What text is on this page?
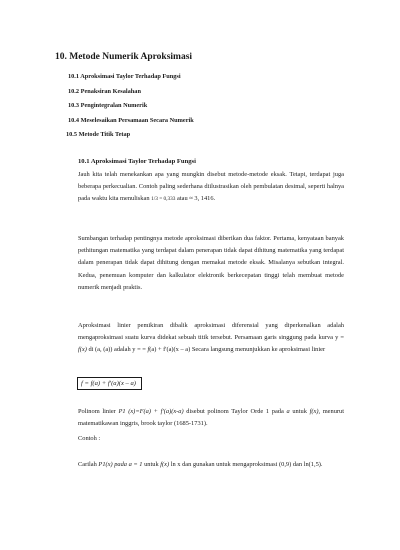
10. Metode Numerik Aproksimasi
10.1 Aproksimasi Taylor Terhadap Fungsi
10.2 Penaksiran Kesalahan
10.3 Pengintegralan Numerik
10.4 Meselesaikan Persamaan Secara Numerik
10.5 Metode Titik Tetap
10.1 Aproksimasi Taylor Terhadap Fungsi
Jauh kita telah menekankan apa yang mungkin disebut metode-metode eksak. Tetapi, terdapat juga beberapa perkecualian. Contoh paling sederhana diilustrasikan oleh pembulatan desimal, seperti halnya pada waktu kita menuliskan 1/3 = 0,333 atau ≈ 3, 1416.
Sumbangan terhadap pentingnya metode aproksimasi diberikan dua faktor. Pertama, kenyataan banyak pethitungan matematika yang terdapat dalam penerapan tidak dapat dihitung matematika yang terdapat dalam penerapan tidak dapat dihitung dengan memakai metode eksak. Misalanya sebutkan integral. Kedua, penemuan komputer dan kalkulator elektronik berkecepatan tinggi telah membuat metode numerik menjadi praktis.
Aproksimasi linier pemikiran dibalik aproksimasi diferensial yang diperkenalkan adalah mengaproksimasi suatu kurva didekat sebuah titik tersebut. Persamaan garis singgung pada kurva y = f(x) di (a, (a)) adalah y = = f(a) + f'(a)(x – a) Secara langsung menunjukkan ke aproksimasi linier
f = f(a) + f'(a)(x – a)
Polinom linier P1 (x)=F(a) + f'(a)(x-a) disebut polinom Taylor Orde 1 pada a untuk f(x), menurut matematikawan inggris, brook taylor (1685-1731).
Contoh :
Carilah P1(x) pada a = 1 untuk f(x) ln x dan gunakan untuk mengaproksimasi (0,9) dan ln(1,5).
